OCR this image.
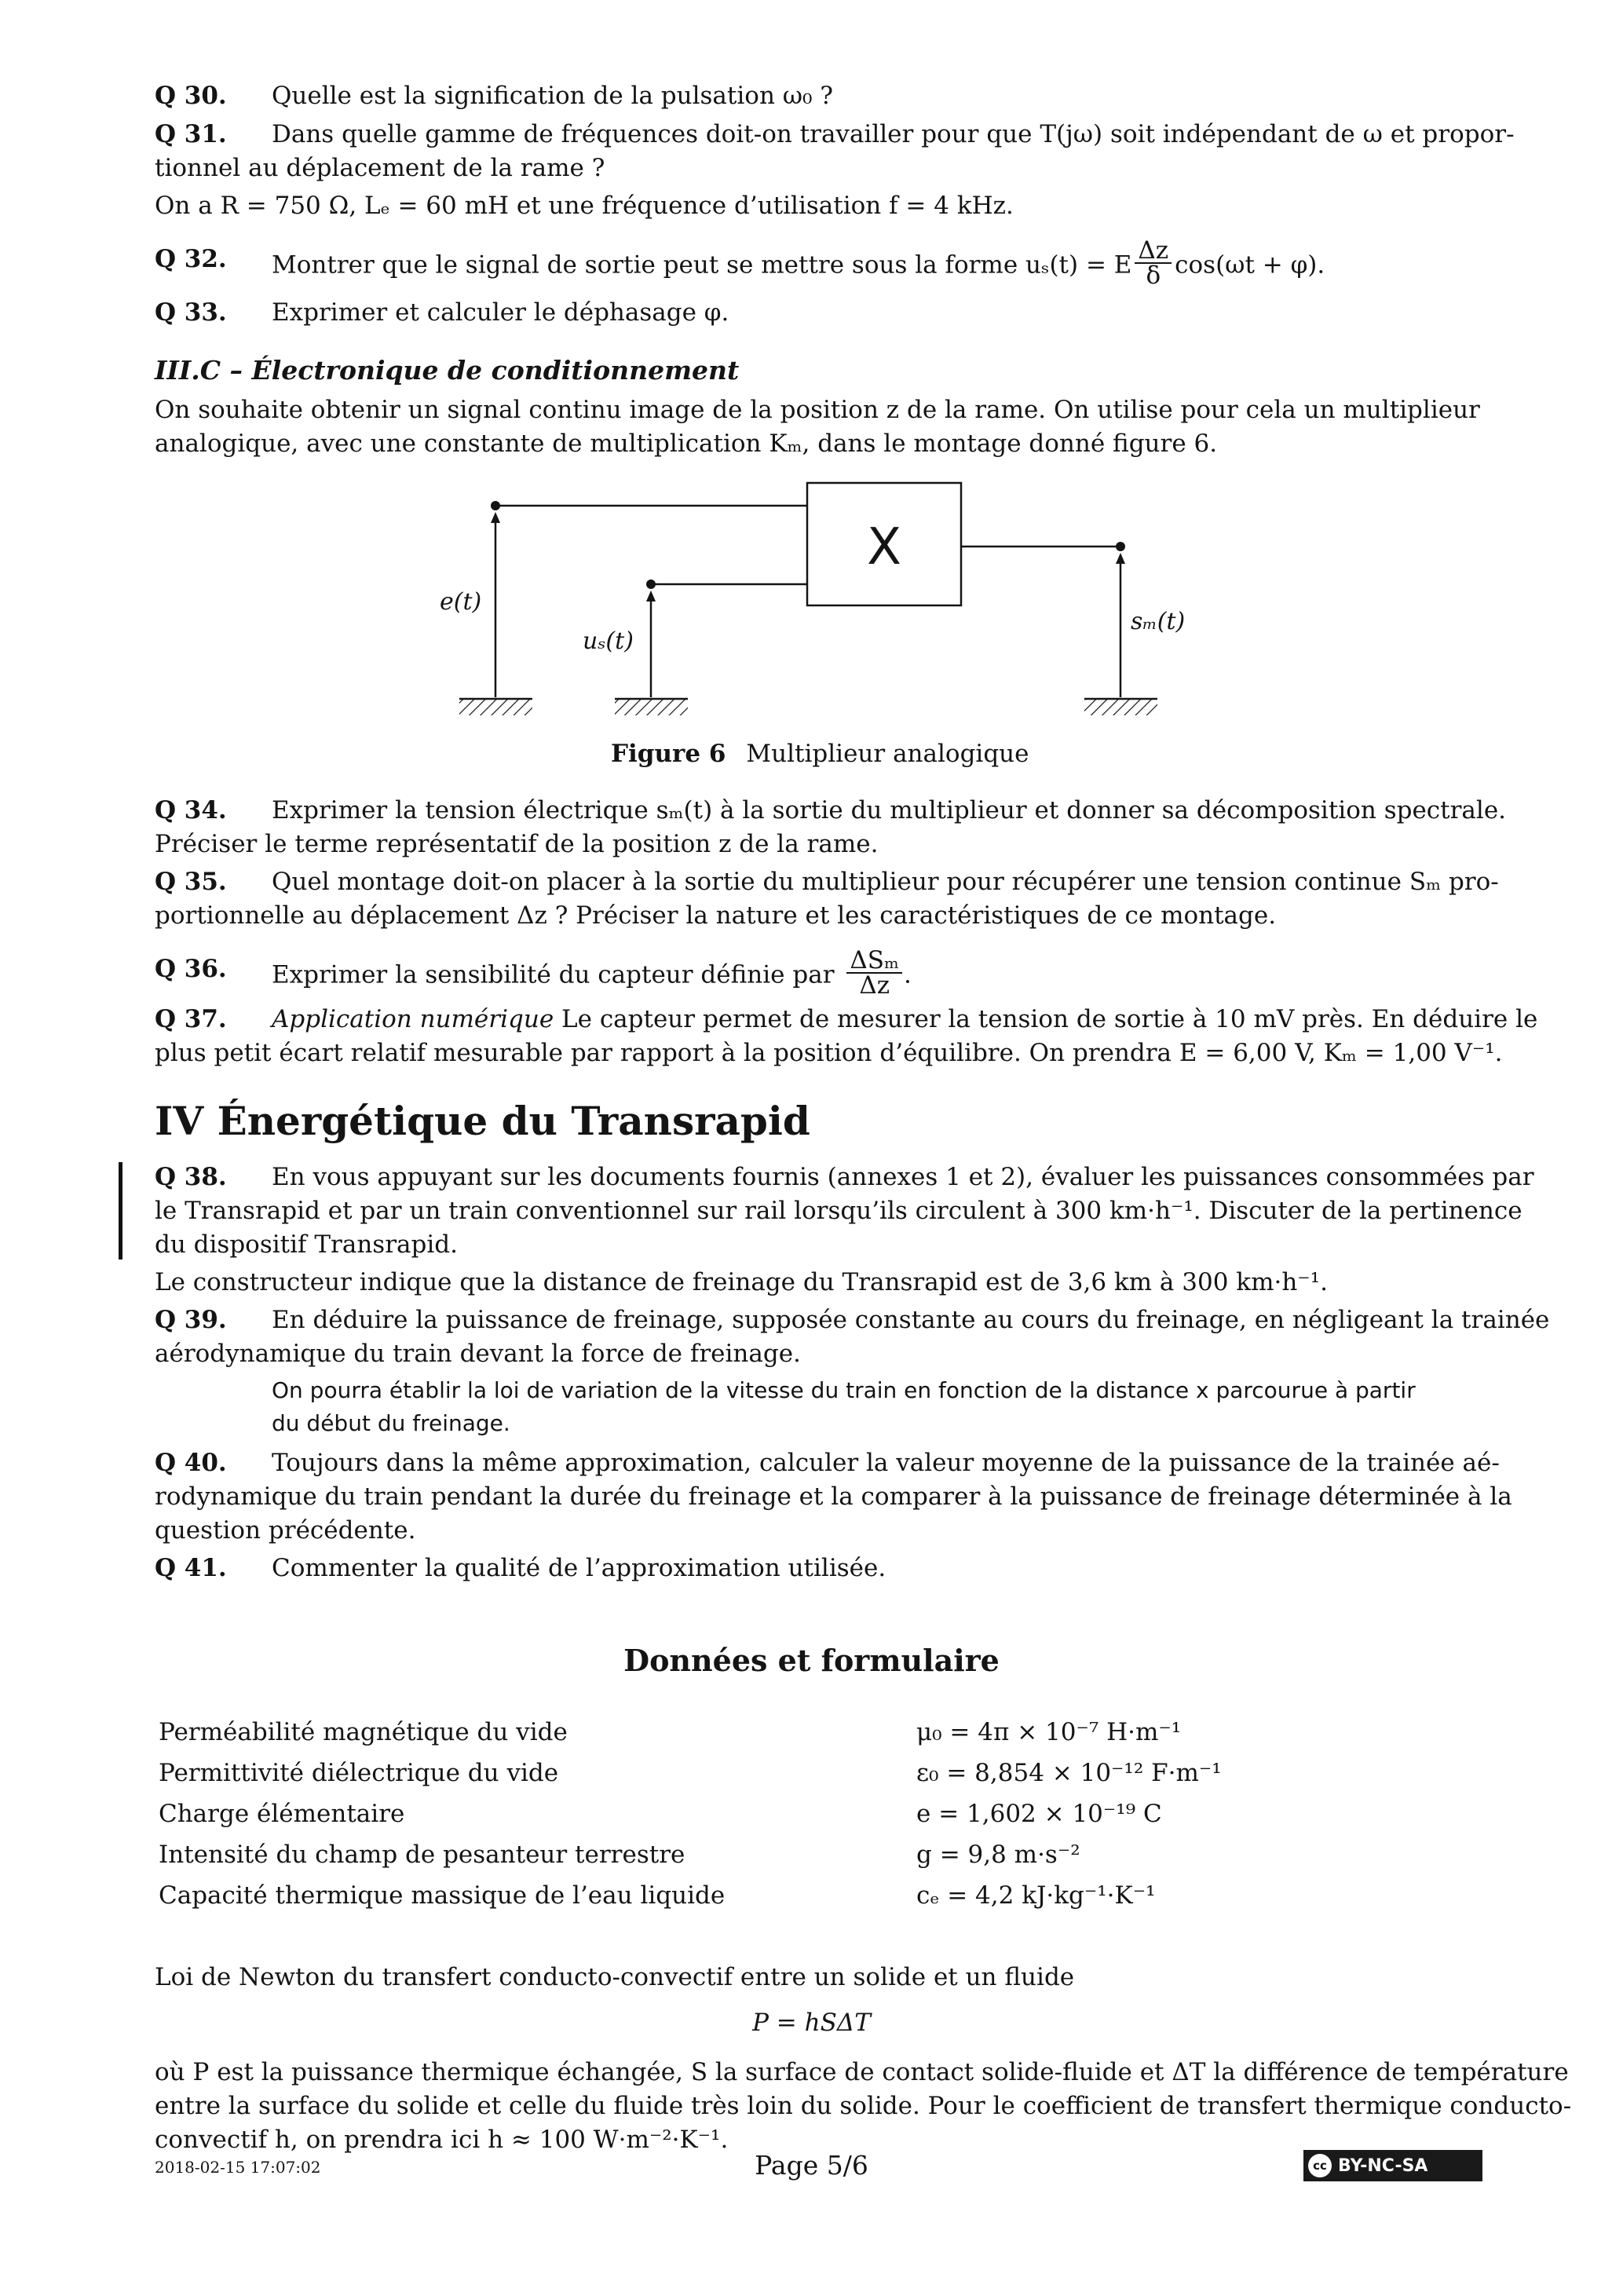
Q 30. Quelle est la signification de la pulsation ω₀ ?
Q 31. Dans quelle gamme de fréquences doit-on travailler pour que T(jω) soit indépendant de ω et propor-
tionnel au déplacement de la rame ?
On a R = 750 Ω, Lₑ = 60 mH et une fréquence d’utilisation f = 4 kHz.
Q 32. Montrer que le signal de sortie peut se mettre sous la forme uₛ(t) = E $\frac{\Delta z}{\delta} \cos(\omega t + \varphi)$.
Q 33. Exprimer et calculer le déphasage φ.
III.C – Électronique de conditionnement
On souhaite obtenir un signal continu image de la position z de la rame. On utilise pour cela un multiplieur
analogique, avec une constante de multiplication Kₘ, dans le montage donné figure 6.
X
e(t)
uₛ(t)
sₘ(t)
Figure 6 Multiplieur analogique
Q 34. Exprimer la tension électrique sₘ(t) à la sortie du multiplieur et donner sa décomposition spectrale.
Préciser le terme représentatif de la position z de la rame.
Q 35. Quel montage doit-on placer à la sortie du multiplieur pour récupérer une tension continue Sₘ pro-
portionnelle au déplacement Δz ? Préciser la nature et les caractéristiques de ce montage.
Q 36. Exprimer la sensibilité du capteur définie par
ΔSₘ
Δz .
Q 37. Application numérique Le capteur permet de mesurer la tension de sortie à 10 mV près. En déduire le
plus petit écart relatif mesurable par rapport à la position d’équilibre. On prendra E = 6,00 V, Kₘ = 1,00 V⁻¹.
IV Énergétique du Transrapid
Q 38. En vous appuyant sur les documents fournis (annexes 1 et 2), évaluer les puissances consommées par
le Transrapid et par un train conventionnel sur rail lorsqu’ils circulent à 300 km·h⁻¹. Discuter de la pertinence
du dispositif Transrapid.
Le constructeur indique que la distance de freinage du Transrapid est de 3,6 km à 300 km·h⁻¹.
Q 39. En déduire la puissance de freinage, supposée constante au cours du freinage, en négligeant la trainée
aérodynamique du train devant la force de freinage.
On pourra établir la loi de variation de la vitesse du train en fonction de la distance x parcourue à partir
du début du freinage.
Q 40. Toujours dans la même approximation, calculer la valeur moyenne de la puissance de la trainée aé-
rodynamique du train pendant la durée du freinage et la comparer à la puissance de freinage déterminée à la
question précédente.
Q 41. Commenter la qualité de l’approximation utilisée.
Données et formulaire
Perméabilité magnétique du vide	μ₀ = 4π × 10⁻⁷ H·m⁻¹
Permittivité diélectrique du vide	ε₀ = 8,854 × 10⁻¹² F·m⁻¹
Charge élémentaire	e = 1,602 × 10⁻¹⁹ C
Intensité du champ de pesanteur terrestre	g = 9,8 m·s⁻²
Capacité thermique massique de l’eau liquide	cₑ = 4,2 kJ·kg⁻¹·K⁻¹
Loi de Newton du transfert conducto-convectif entre un solide et un fluide
P = hSΔT
où P est la puissance thermique échangée, S la surface de contact solide-fluide et ΔT la différence de température
entre la surface du solide et celle du fluide très loin du solide. Pour le coefficient de transfert thermique conducto-
convectif h, on prendra ici h ≈ 100 W·m⁻²·K⁻¹.
2018-02-15 17:07:02	Page 5/6	cc BY-NC-SA
